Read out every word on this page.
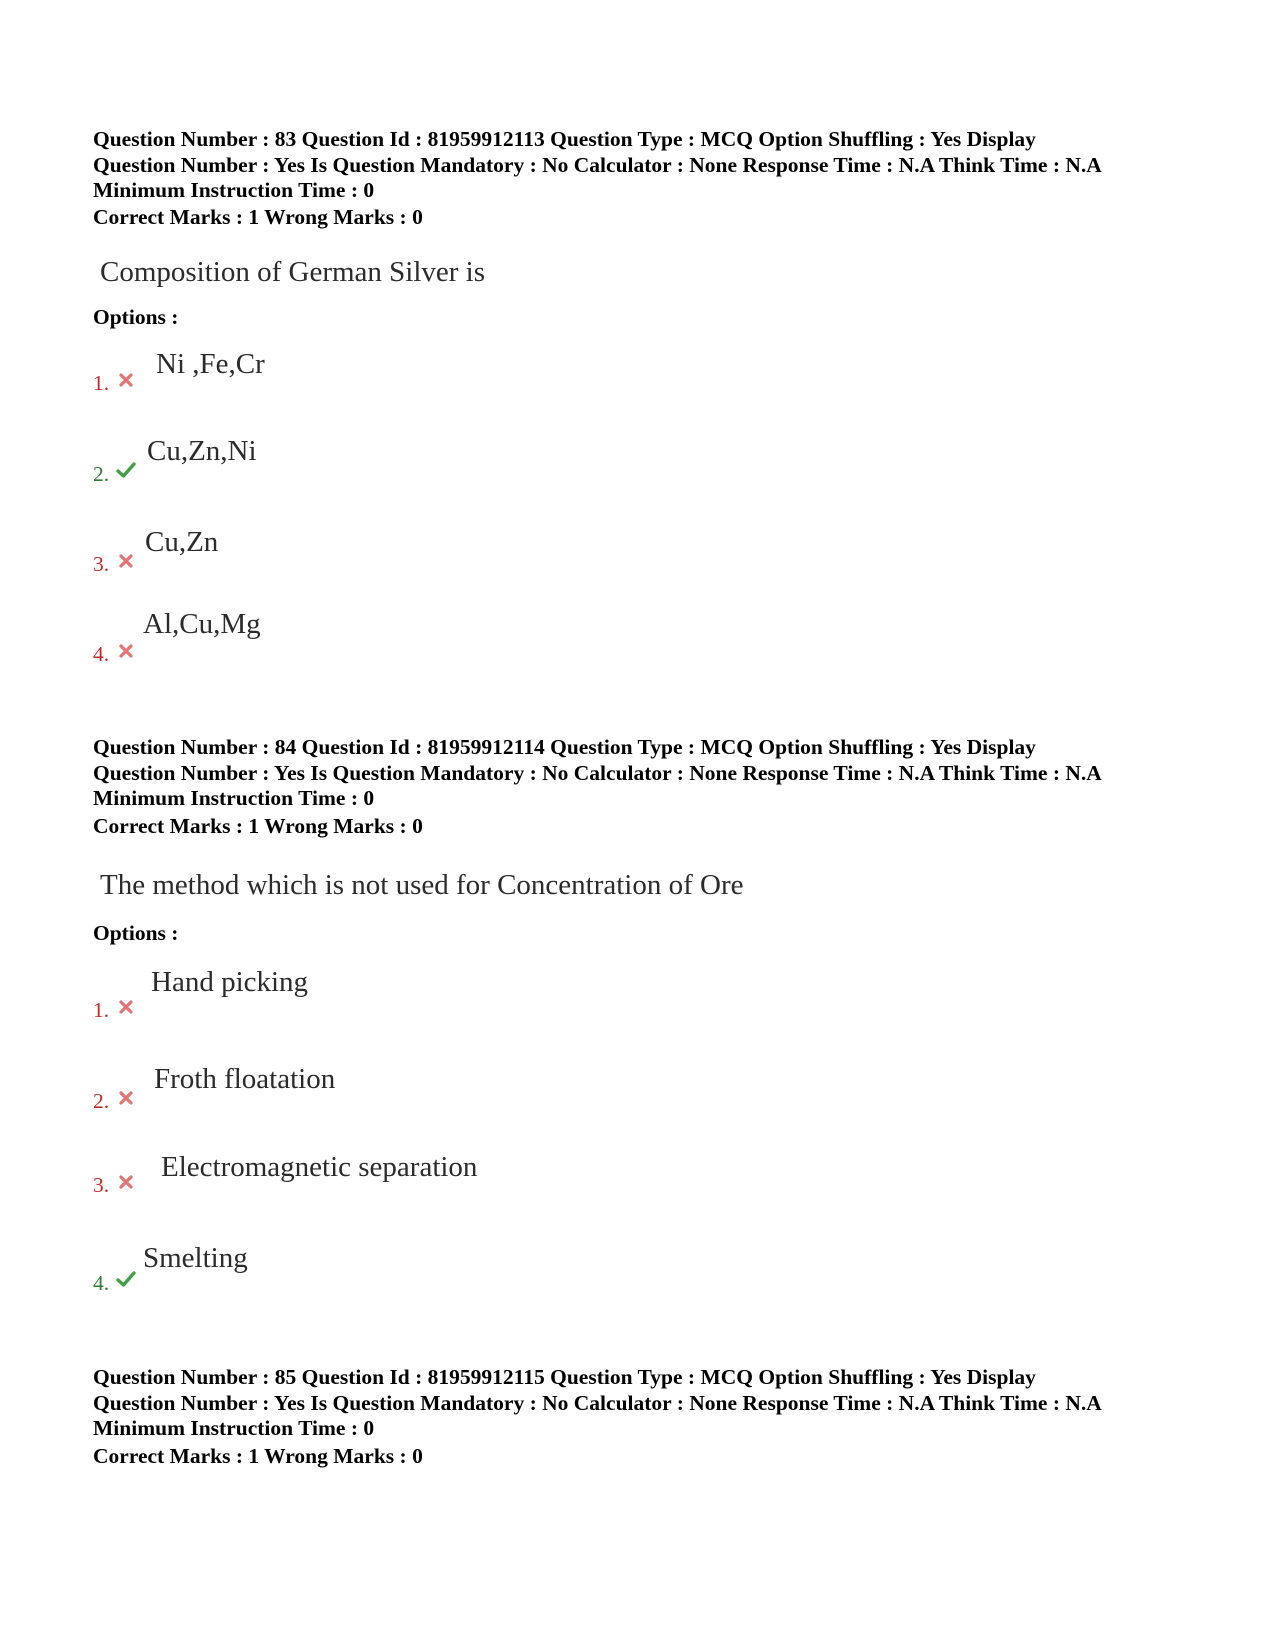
Question Number : 83 Question Id : 81959912113 Question Type : MCQ Option Shuffling : Yes Display
Question Number : Yes Is Question Mandatory : No Calculator : None Response Time : N.A Think Time : N.A
Minimum Instruction Time : 0
Correct Marks : 1 Wrong Marks : 0
Composition of German Silver is
Options :
1.
Ni ,Fe,Cr
2.
Cu,Zn,Ni
3.
Cu,Zn
4.
Al,Cu,Mg
Question Number : 84 Question Id : 81959912114 Question Type : MCQ Option Shuffling : Yes Display
Question Number : Yes Is Question Mandatory : No Calculator : None Response Time : N.A Think Time : N.A
Minimum Instruction Time : 0
Correct Marks : 1 Wrong Marks : 0
The method which is not used for Concentration of Ore
Options :
1.
Hand picking
2.
Froth floatation
3.
Electromagnetic separation
4.
Smelting
Question Number : 85 Question Id : 81959912115 Question Type : MCQ Option Shuffling : Yes Display
Question Number : Yes Is Question Mandatory : No Calculator : None Response Time : N.A Think Time : N.A
Minimum Instruction Time : 0
Correct Marks : 1 Wrong Marks : 0
